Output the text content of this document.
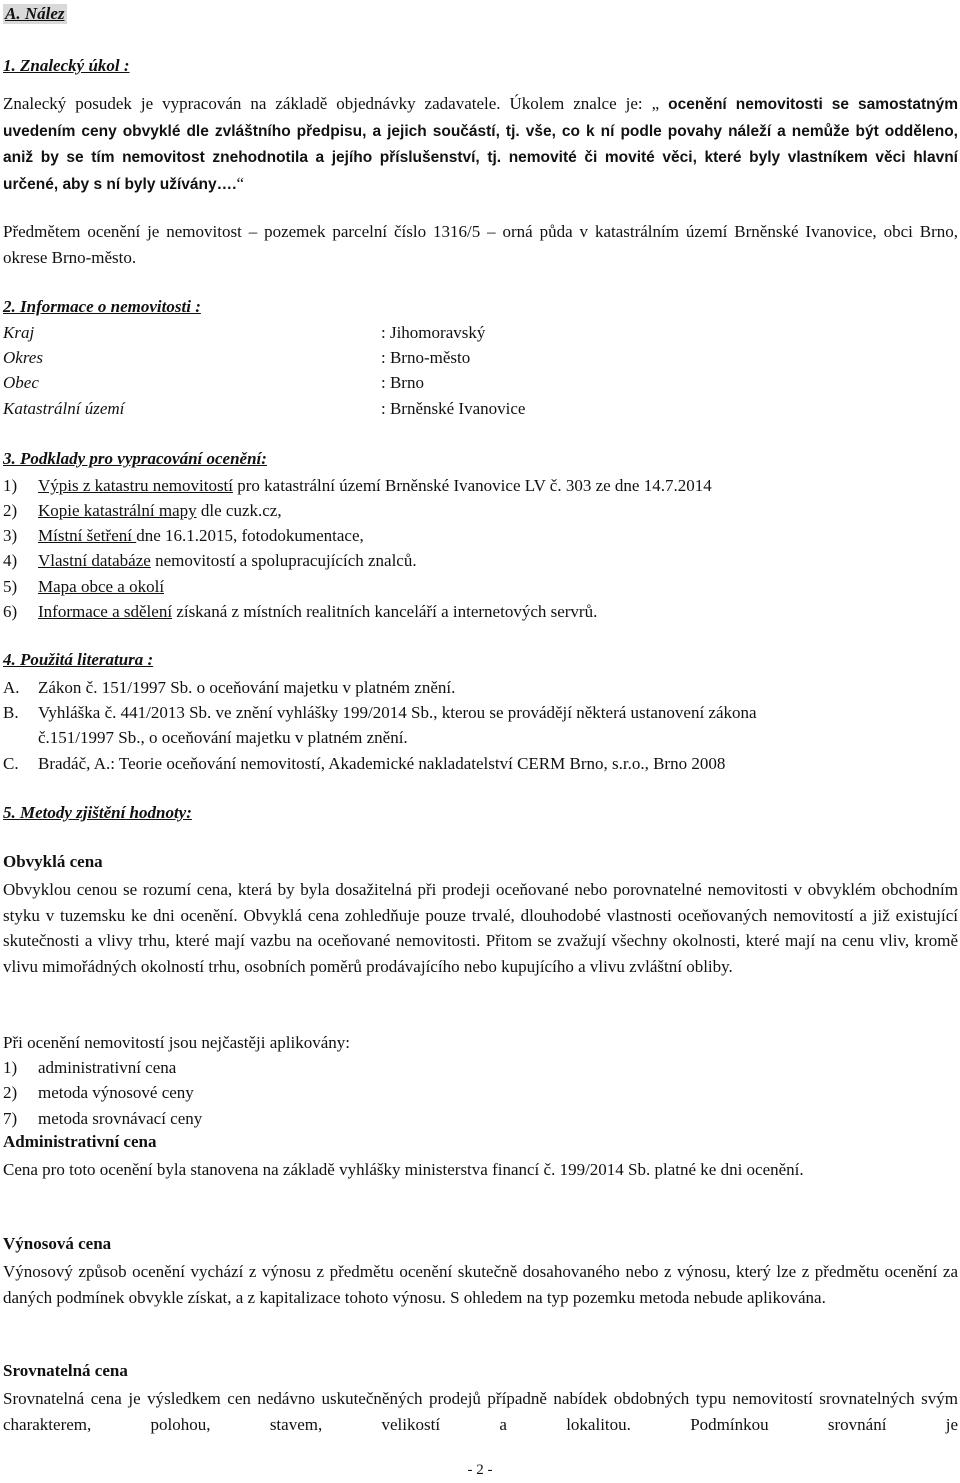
A. Nález
1. Znalecký úkol :
Znalecký posudek je vypracován na základě objednávky zadavatele. Úkolem znalce je: „ ocenění nemovitosti se samostatným uvedením ceny obvyklé dle zvláštního předpisu, a jejich součástí, tj. vše, co k ní podle povahy náleží a nemůže být odděleno, aniž by se tím nemovitost znehodnotila a jejího příslušenství, tj. nemovité či movité věci, které byly vlastníkem věci hlavní určené, aby s ní byly užívány….“
Předmětem ocenění je nemovitost – pozemek parcelní číslo 1316/5 – orná půda v katastrálním území Brněnské Ivanovice, obci Brno, okrese Brno-město.
2. Informace o nemovitosti :
Kraj	: Jihomoravský
Okres	: Brno-město
Obec	: Brno
Katastrální území	: Brněnské Ivanovice
3. Podklady pro vypracování ocenění:
1) Výpis z katastru nemovitostí pro katastrální území Brněnské Ivanovice LV č. 303 ze dne 14.7.2014
2) Kopie katastrální mapy dle cuzk.cz,
3) Místní šetření dne 16.1.2015, fotodokumentace,
4) Vlastní databáze nemovitostí a spolupracujících znalců.
5) Mapa obce a okolí
6) Informace a sdělení získaná z místních realitních kanceláří a internetových servrů.
4. Použitá literatura :
A. Zákon č. 151/1997 Sb. o oceňování majetku v platném znění.
B. Vyhláška č. 441/2013 Sb. ve znění vyhlášky 199/2014 Sb., kterou se provádějí některá ustanovení zákona
č.151/1997 Sb., o oceňování majetku v platném znění.
C. Bradáč, A.: Teorie oceňování nemovitostí, Akademické nakladatelství CERM Brno, s.r.o., Brno 2008
5. Metody zjištění hodnoty:
Obvyklá cena
Obvyklou cenou se rozumí cena, která by byla dosažitelná při prodeji oceňované nebo porovnatelné nemovitosti v obvyklém obchodním styku v tuzemsku ke dni ocenění. Obvyklá cena zohledňuje pouze trvalé, dlouhodobé vlastnosti oceňovaných nemovitostí a již existující skutečnosti a vlivy trhu, které mají vazbu na oceňované nemovitosti. Přitom se zvažují všechny okolnosti, které mají na cenu vliv, kromě vlivu mimořádných okolností trhu, osobních poměrů prodávajícího nebo kupujícího a vlivu zvláštní obliby.
Při ocenění nemovitostí jsou nejčastěji aplikovány:
1) administrativní cena
2) metoda výnosové ceny
7) metoda srovnávací ceny
Administrativní cena
Cena pro toto ocenění byla stanovena na základě vyhlášky ministerstva financí č. 199/2014 Sb. platné ke dni ocenění.
Výnosová cena
Výnosový způsob ocenění vychází z výnosu z předmětu ocenění skutečně dosahovaného nebo z výnosu, který lze z předmětu ocenění za daných podmínek obvykle získat, a z kapitalizace tohoto výnosu. S ohledem na typ pozemku metoda nebude aplikována.
Srovnatelná cena
Srovnatelná cena je výsledkem cen nedávno uskutečněných prodejů případně nabídek obdobných typu nemovitostí srovnatelných svým charakterem, polohou, stavem, velikostí a lokalitou. Podmínkou srovnání je
- 2 -
